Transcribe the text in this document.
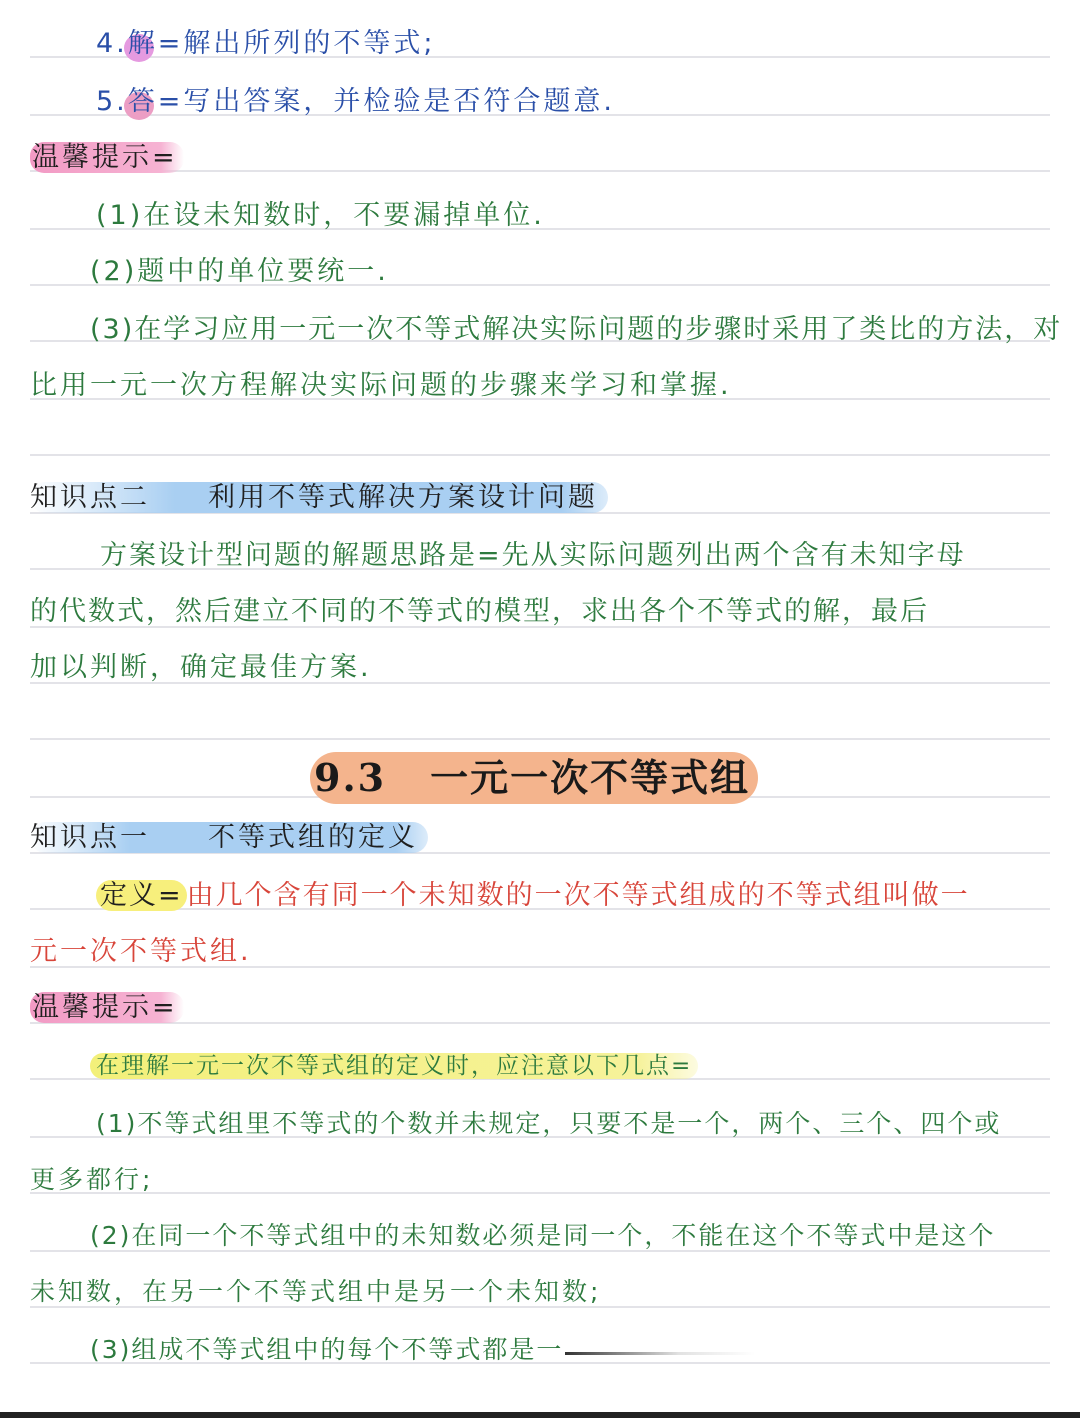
4.解=解出所列的不等式;
5.答=写出答案，并检验是否符合题意.
温馨提示=
(1)在设未知数时，不要漏掉单位.
(2)题中的单位要统一.
(3)在学习应用一元一次不等式解决实际问题的步骤时采用了类比的方法，对
比用一元一次方程解决实际问题的步骤来学习和掌握.
知识点二 利用不等式解决方案设计问题
方案设计型问题的解题思路是=先从实际问题列出两个含有未知字母
的代数式，然后建立不同的不等式的模型，求出各个不等式的解，最后
加以判断，确定最佳方案.
9.3 一元一次不等式组
知识点一 不等式组的定义
定义= 由几个含有同一个未知数的一次不等式组成的不等式组叫做一
元一次不等式组.
温馨提示=
在理解一元一次不等式组的定义时，应注意以下几点=
(1)不等式组里不等式的个数并未规定，只要不是一个，两个、三个、四个或
更多都行;
(2)在同一个不等式组中的未知数必须是同一个，不能在这个不等式中是这个
未知数，在另一个不等式组中是另一个未知数;
(3)组成不等式组中的每个不等式都是一
